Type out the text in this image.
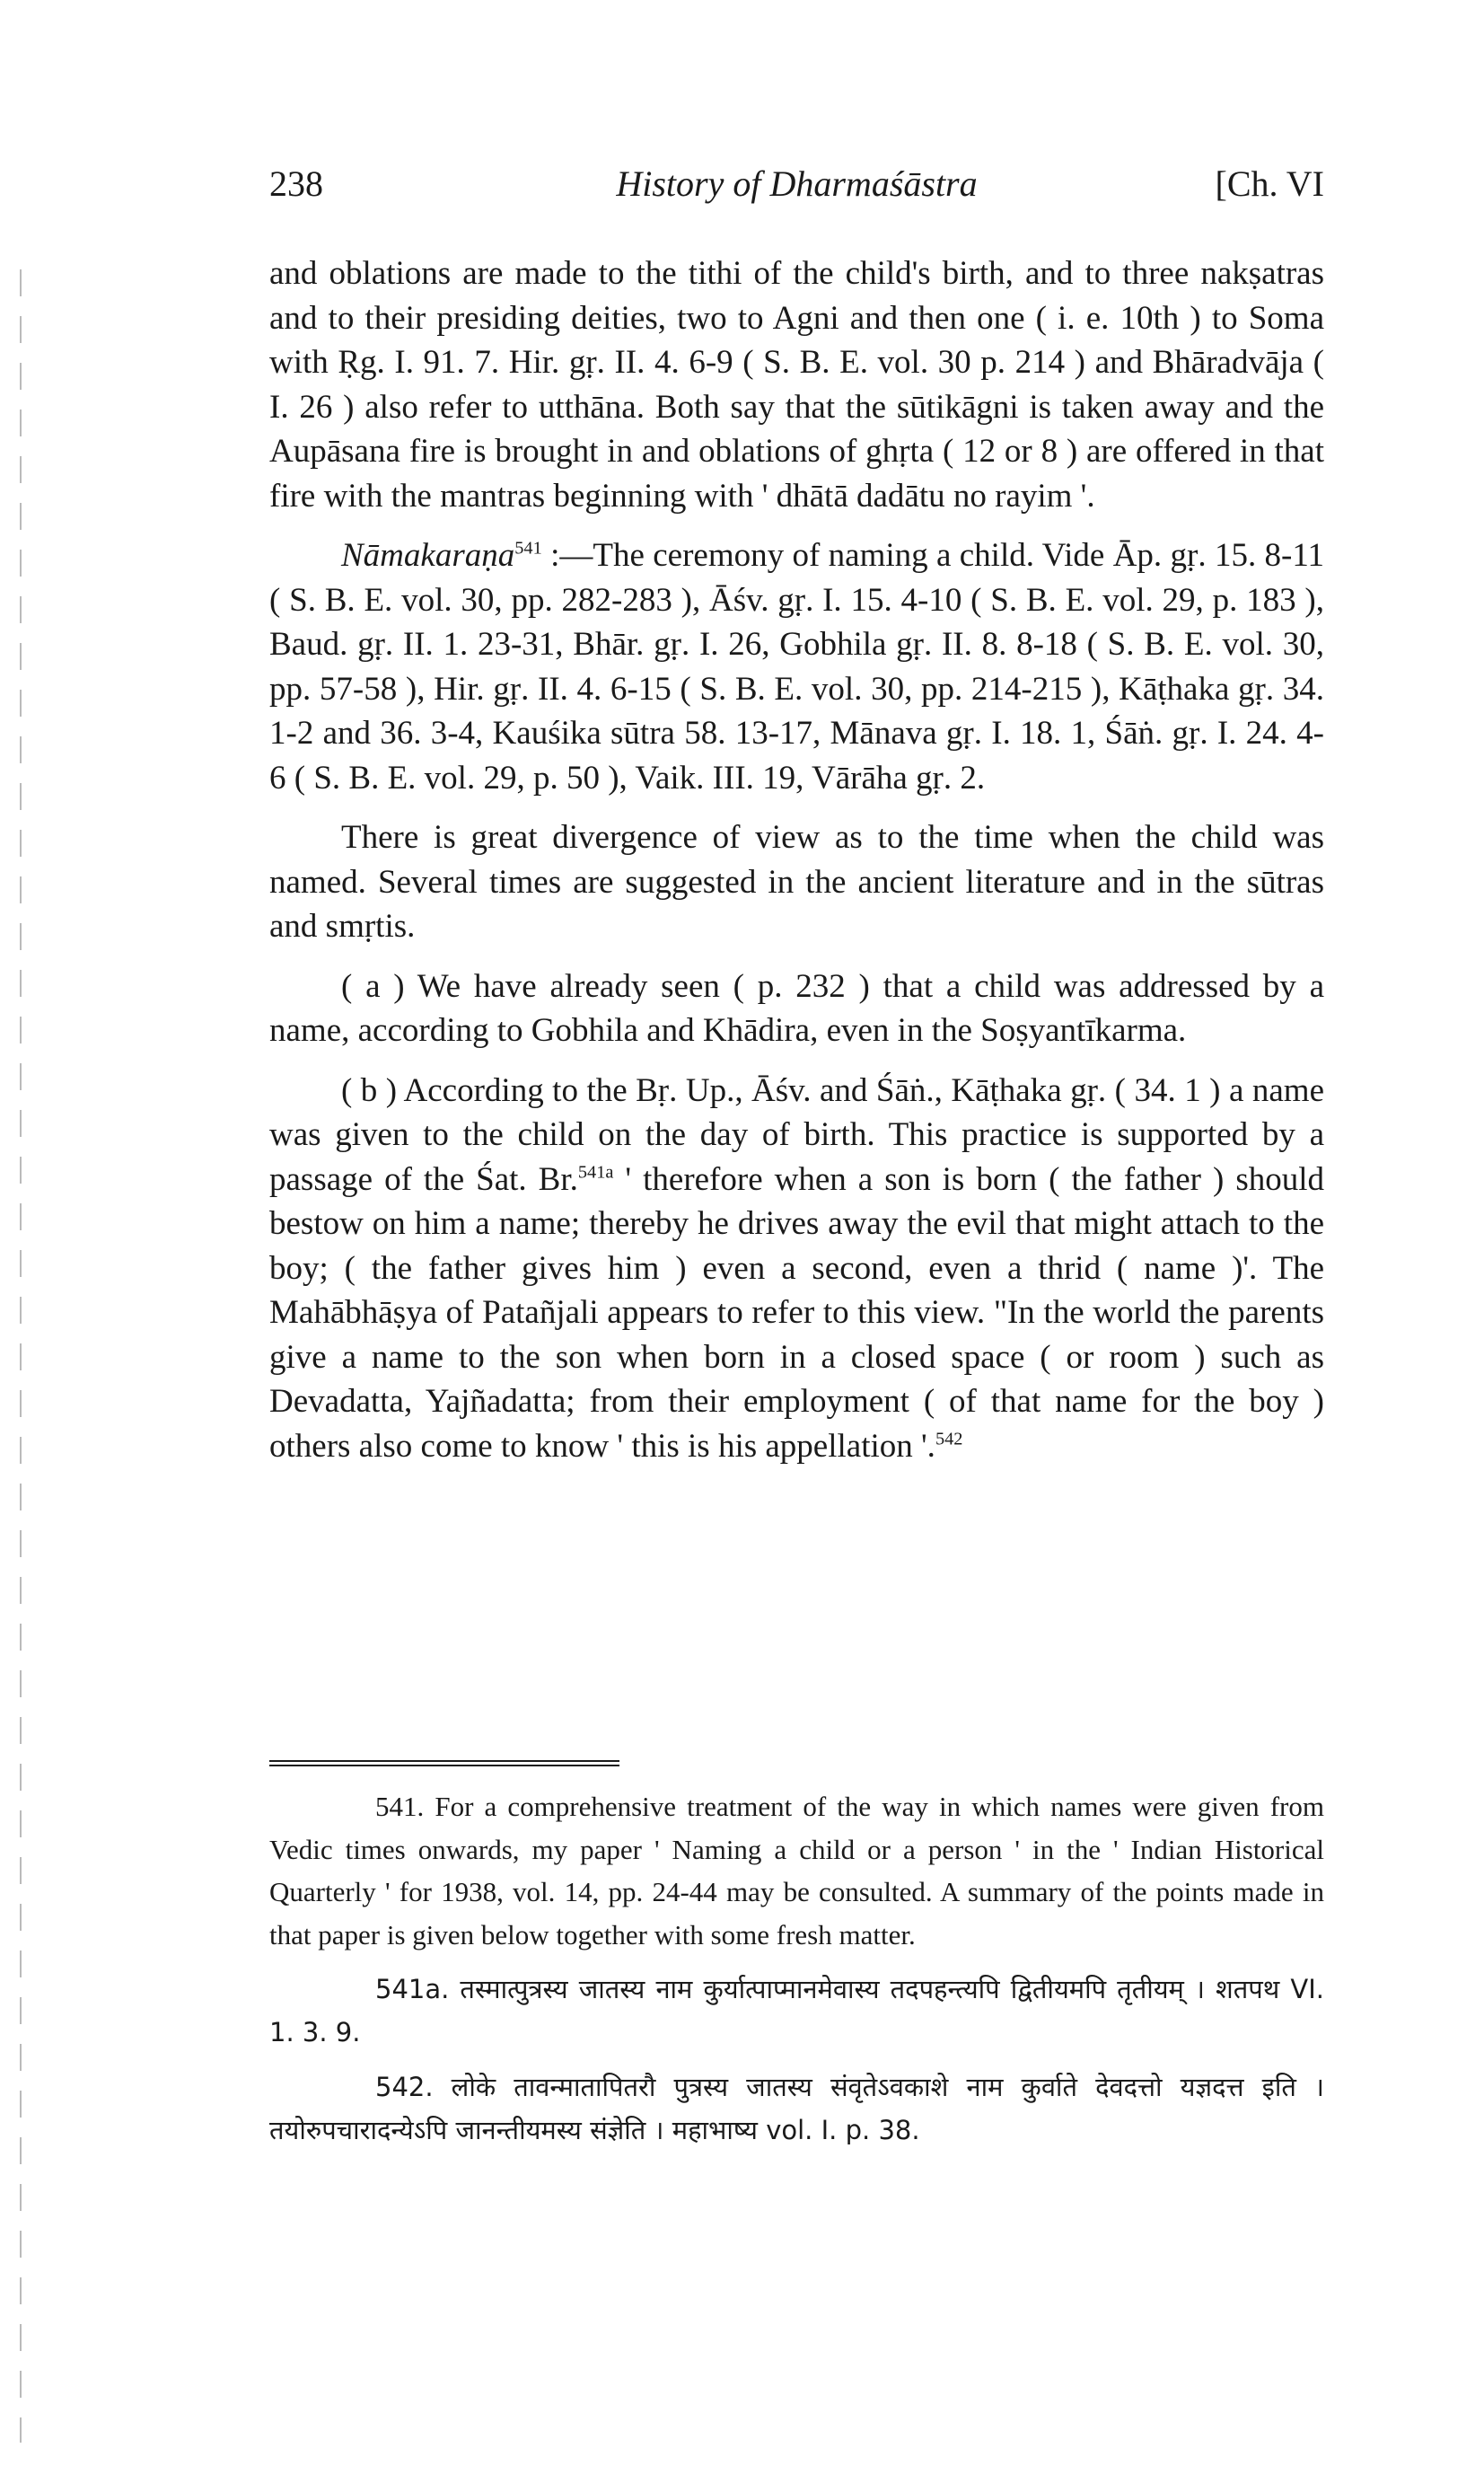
238	History of Dharmaśāstra	[Ch. VI

and oblations are made to the tithi of the child's birth, and to three nakṣatras and to their presiding deities, two to Agni and then one ( i. e. 10th ) to Soma with Ṛg. I. 91. 7. Hir. gṛ. II. 4. 6-9 ( S. B. E. vol. 30 p. 214 ) and Bhāradvāja ( I. 26 ) also refer to utthāna. Both say that the sūtikāgni is taken away and the Aupāsana fire is brought in and oblations of ghṛta ( 12 or 8 ) are offered in that fire with the mantras beginning with ' dhātā dadātu no rayim '.

Nāmakaraṇa$^{541}$ :—The ceremony of naming a child. Vide Āp. gṛ. 15. 8-11 ( S. B. E. vol. 30, pp. 282-283 ), Āśv. gṛ. I. 15. 4-10 ( S. B. E. vol. 29, p. 183 ), Baud. gṛ. II. 1. 23-31, Bhār. gṛ. I. 26, Gobhila gṛ. II. 8. 8-18 ( S. B. E. vol. 30, pp. 57-58 ), Hir. gṛ. II. 4. 6-15 ( S. B. E. vol. 30, pp. 214-215 ), Kāṭhaka gṛ. 34. 1-2 and 36. 3-4, Kauśika sūtra 58. 13-17, Mānava gṛ. I. 18. 1, Śāṅ. gṛ. I. 24. 4-6 ( S. B. E. vol. 29, p. 50 ), Vaik. III. 19, Vārāha gṛ. 2.

There is great divergence of view as to the time when the child was named. Several times are suggested in the ancient literature and in the sūtras and smṛtis.

( a ) We have already seen ( p. 232 ) that a child was addressed by a name, according to Gobhila and Khādira, even in the Soṣyantīkarma.

( b ) According to the Bṛ. Up., Āśv. and Śāṅ., Kāṭhaka gṛ. ( 34. 1 ) a name was given to the child on the day of birth. This practice is supported by a passage of the Śat. Br.$^{541a}$ ' therefore when a son is born ( the father ) should bestow on him a name; thereby he drives away the evil that might attach to the boy; ( the father gives him ) even a second, even a thrid ( name )'. The Mahābhāṣya of Patañjali appears to refer to this view. "In the world the parents give a name to the son when born in a closed space ( or room ) such as Devadatta, Yajñadatta; from their employment ( of that name for the boy ) others also come to know ' this is his appellation '.$^{542}$

541. For a comprehensive treatment of the way in which names were given from Vedic times onwards, my paper ' Naming a child or a person ' in the ' Indian Historical Quarterly ' for 1938, vol. 14, pp. 24-44 may be consulted. A summary of the points made in that paper is given below together with some fresh matter.

541a. तस्मात्पुत्रस्य जातस्य नाम कुर्यात्पाप्मानमेवास्य तदपहन्त्यपि द्वितीयमपि तृतीयम् । शतपथ VI. 1. 3. 9.

542. लोके तावन्मातापितरौ पुत्रस्य जातस्य संवृतेऽवकाशे नाम कुर्वाते देवदत्तो यज्ञदत्त इति । तयोरुपचारादन्येऽपि जानन्तीयमस्य संज्ञेति । महाभाष्य vol. I. p. 38.
